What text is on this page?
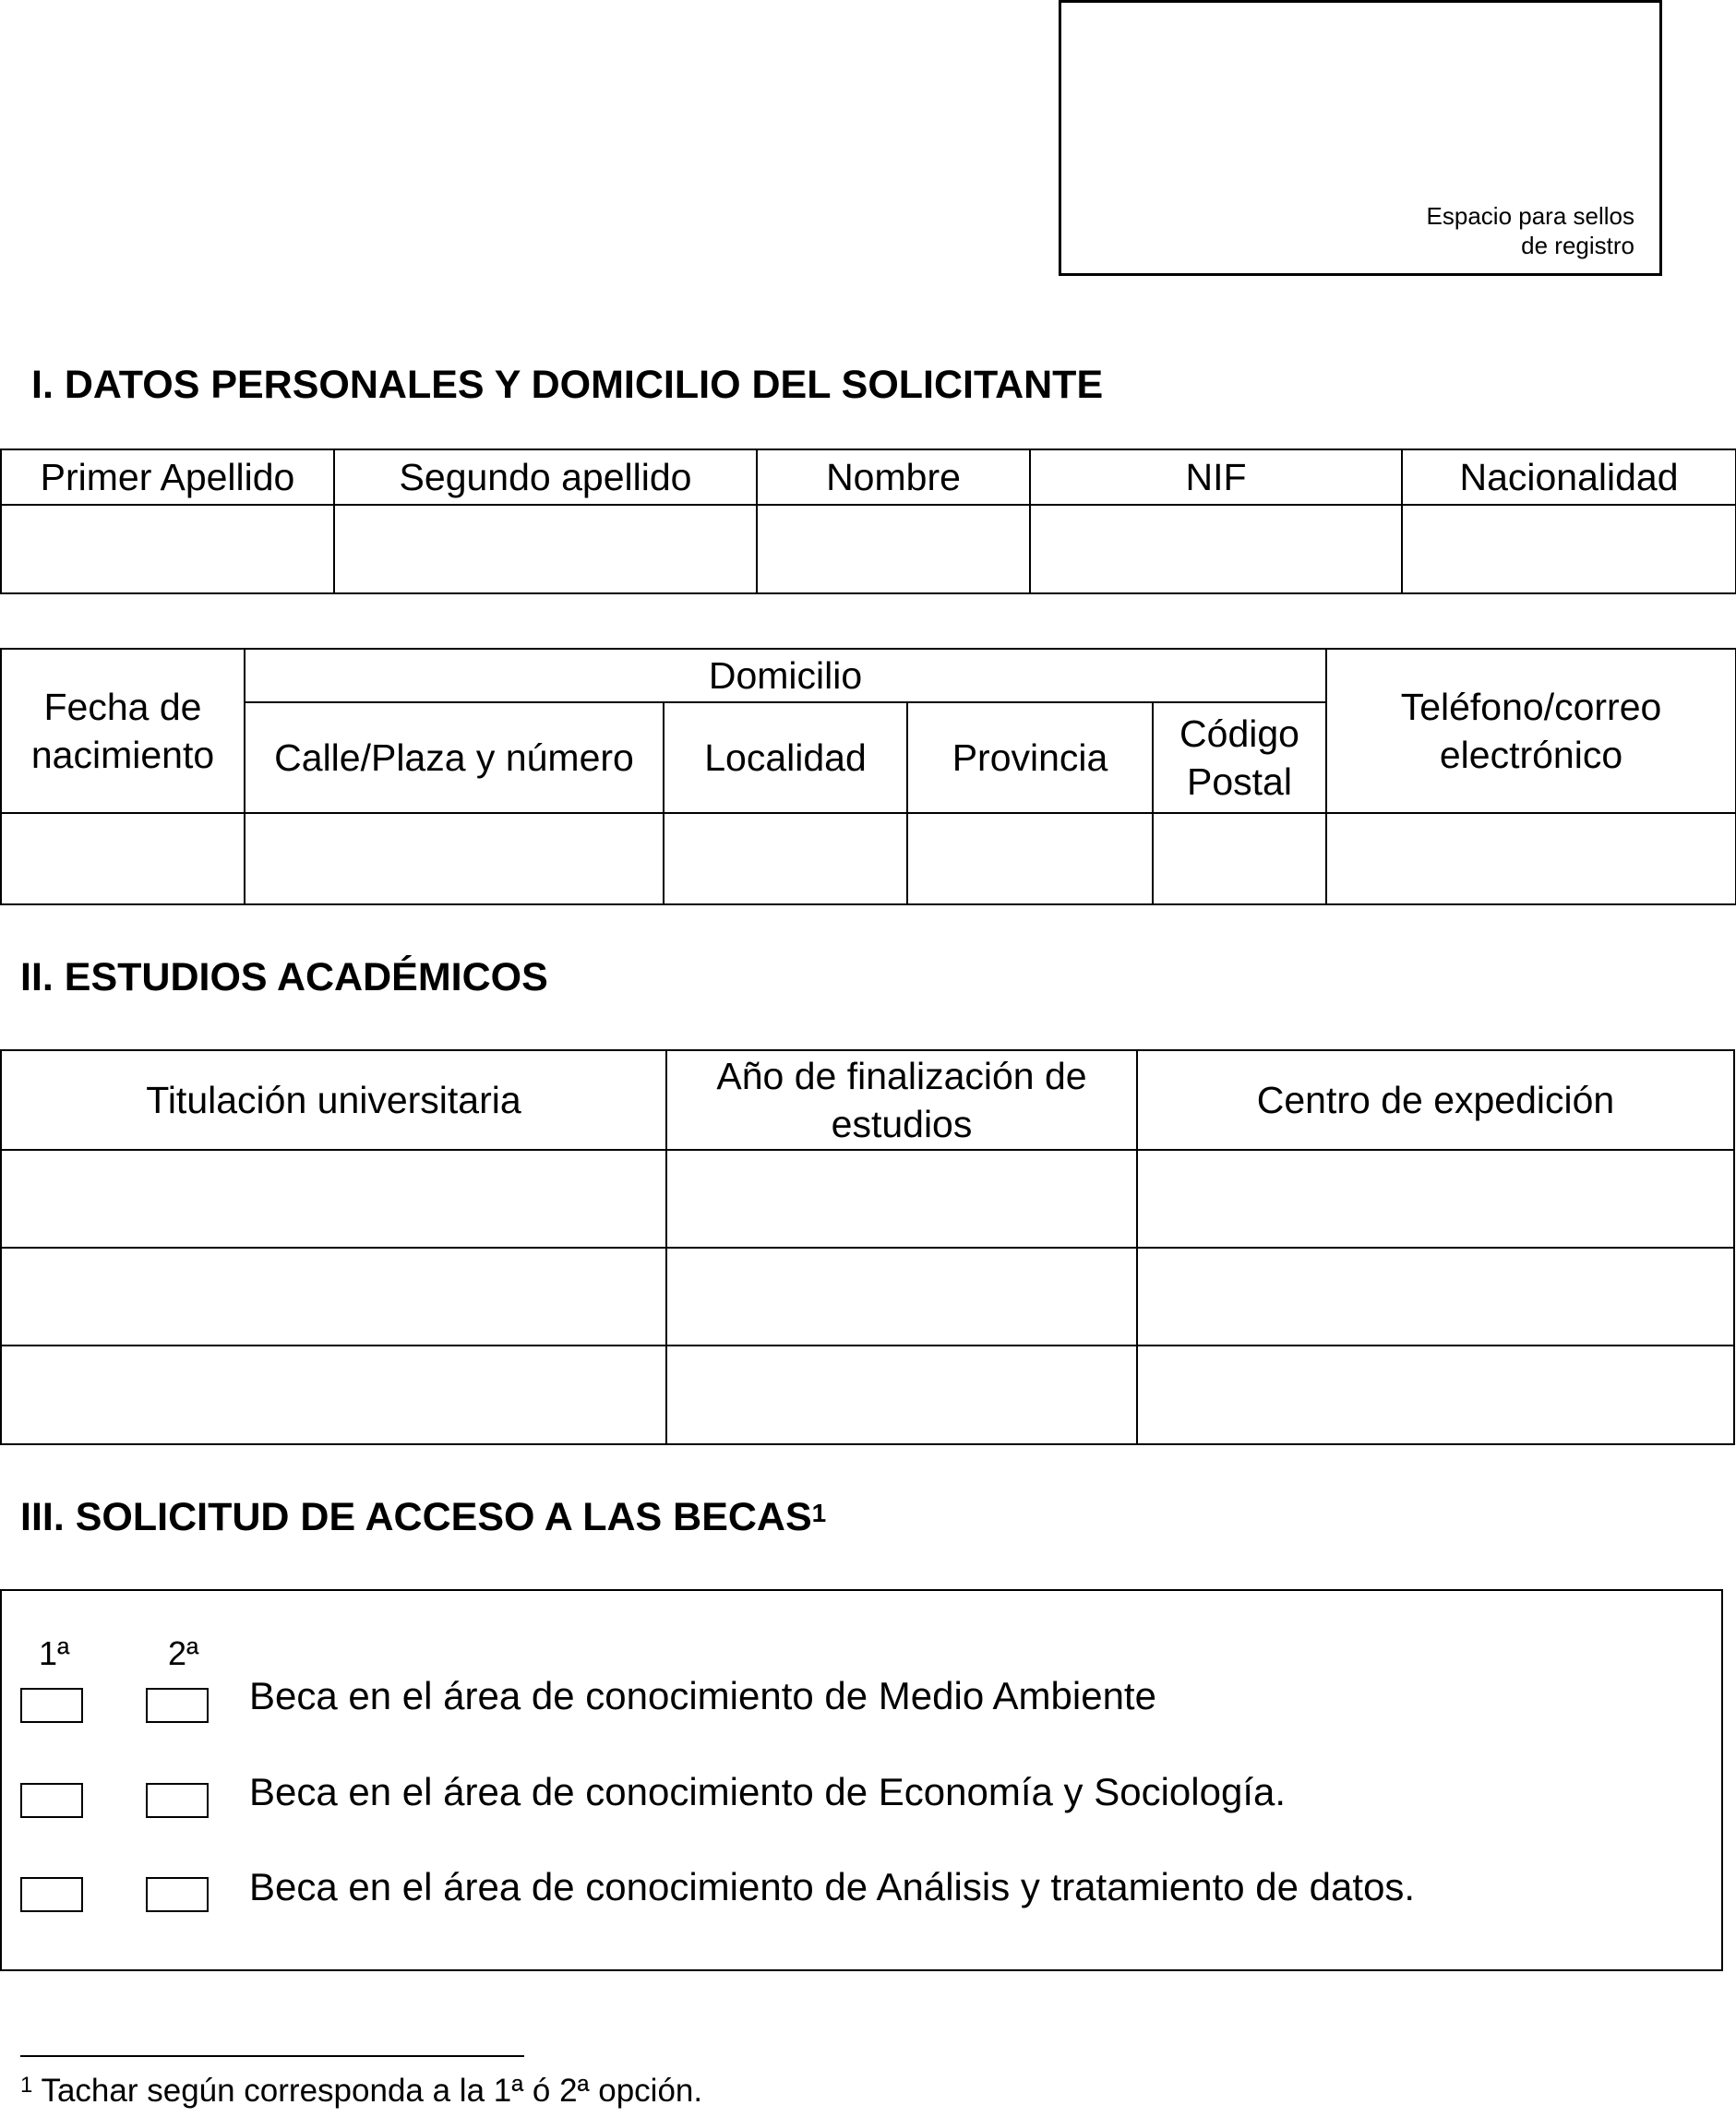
Espacio para sellos
de registro
I. DATOS PERSONALES Y DOMICILIO DEL SOLICITANTE
Primer Apellido	Segundo apellido	Nombre	NIF	Nacionalidad

Fecha de nacimiento	Domicilio				Teléfono/correo electrónico
	Calle/Plaza y número	Localidad	Provincia	Código Postal	

II. ESTUDIOS ACADÉMICOS
Titulación universitaria	Año de finalización de estudios	Centro de expedición

III. SOLICITUD DE ACCESO A LAS BECAS$^1$
1ª	2ª
Beca en el área de conocimiento de Medio Ambiente
Beca en el área de conocimiento de Economía y Sociología.
Beca en el área de conocimiento de Análisis y tratamiento de datos.
$^1$ Tachar según corresponda a la 1ª ó 2ª opción.
